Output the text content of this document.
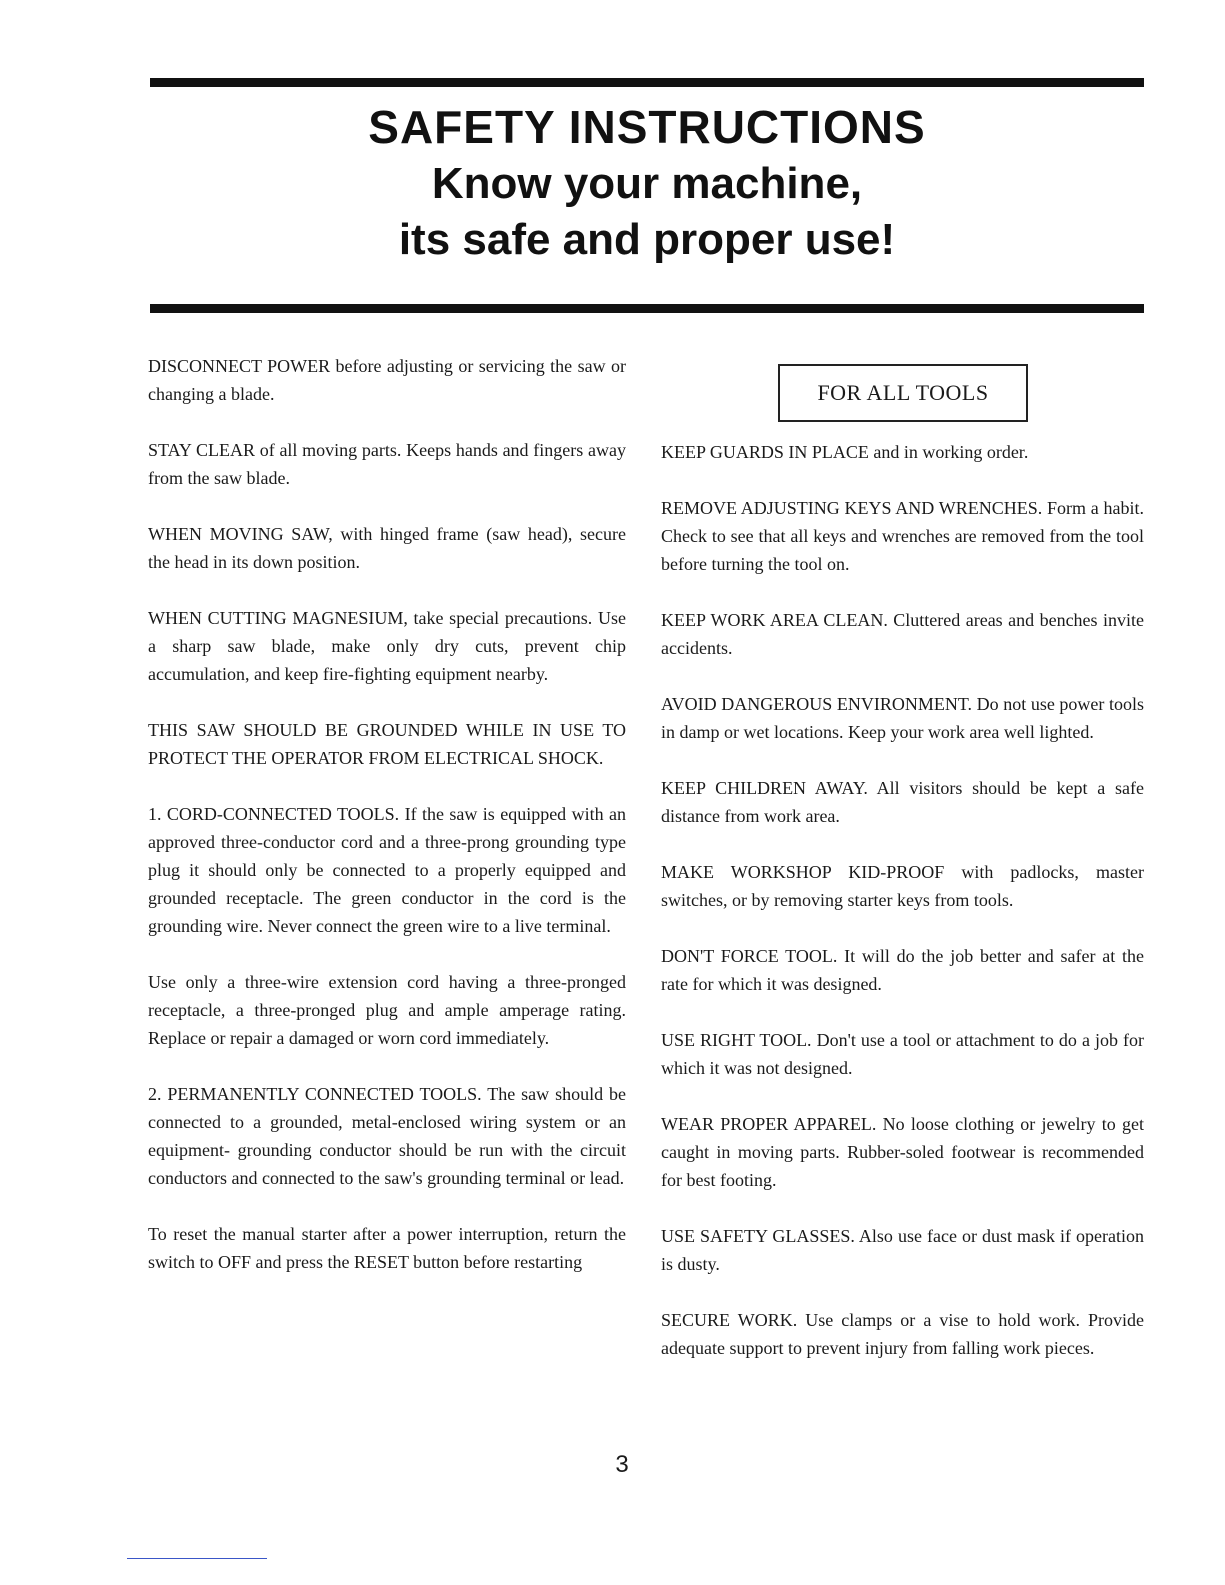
SAFETY INSTRUCTIONS
Know your machine,
its safe and proper use!

DISCONNECT POWER before adjusting or servicing the saw or changing a blade.

STAY CLEAR of all moving parts. Keeps hands and fingers away from the saw blade.

WHEN MOVING SAW, with hinged frame (saw head), secure the head in its down position.

WHEN CUTTING MAGNESIUM, take special precautions. Use a sharp saw blade, make only dry cuts, prevent chip accumulation, and keep fire-fighting equipment nearby.

THIS SAW SHOULD BE GROUNDED WHILE IN USE TO PROTECT THE OPERATOR FROM ELECTRICAL SHOCK.

1. CORD-CONNECTED TOOLS. If the saw is equipped with an approved three-conductor cord and a three-prong grounding type plug it should only be connected to a properly equipped and grounded receptacle. The green conductor in the cord is the grounding wire. Never connect the green wire to a live terminal.

Use only a three-wire extension cord having a three-pronged receptacle, a three-pronged plug and ample amperage rating. Replace or repair a damaged or worn cord immediately.

2. PERMANENTLY CONNECTED TOOLS. The saw should be connected to a grounded, metal-enclosed wiring system or an equipment- grounding conductor should be run with the circuit conductors and connected to the saw's grounding terminal or lead.

To reset the manual starter after a power interruption, return the switch to OFF and press the RESET button before restarting

FOR ALL TOOLS

KEEP GUARDS IN PLACE and in working order.

REMOVE ADJUSTING KEYS AND WRENCHES. Form a habit. Check to see that all keys and wrenches are removed from the tool before turning the tool on.

KEEP WORK AREA CLEAN. Cluttered areas and benches invite accidents.

AVOID DANGEROUS ENVIRONMENT. Do not use power tools in damp or wet locations. Keep your work area well lighted.

KEEP CHILDREN AWAY. All visitors should be kept a safe distance from work area.

MAKE WORKSHOP KID-PROOF with padlocks, master switches, or by removing starter keys from tools.

DON'T FORCE TOOL. It will do the job better and safer at the rate for which it was designed.

USE RIGHT TOOL. Don't use a tool or attachment to do a job for which it was not designed.

WEAR PROPER APPAREL. No loose clothing or jewelry to get caught in moving parts. Rubber-soled footwear is recommended for best footing.

USE SAFETY GLASSES. Also use face or dust mask if operation is dusty.

SECURE WORK. Use clamps or a vise to hold work. Provide adequate support to prevent injury from falling work pieces.

3
